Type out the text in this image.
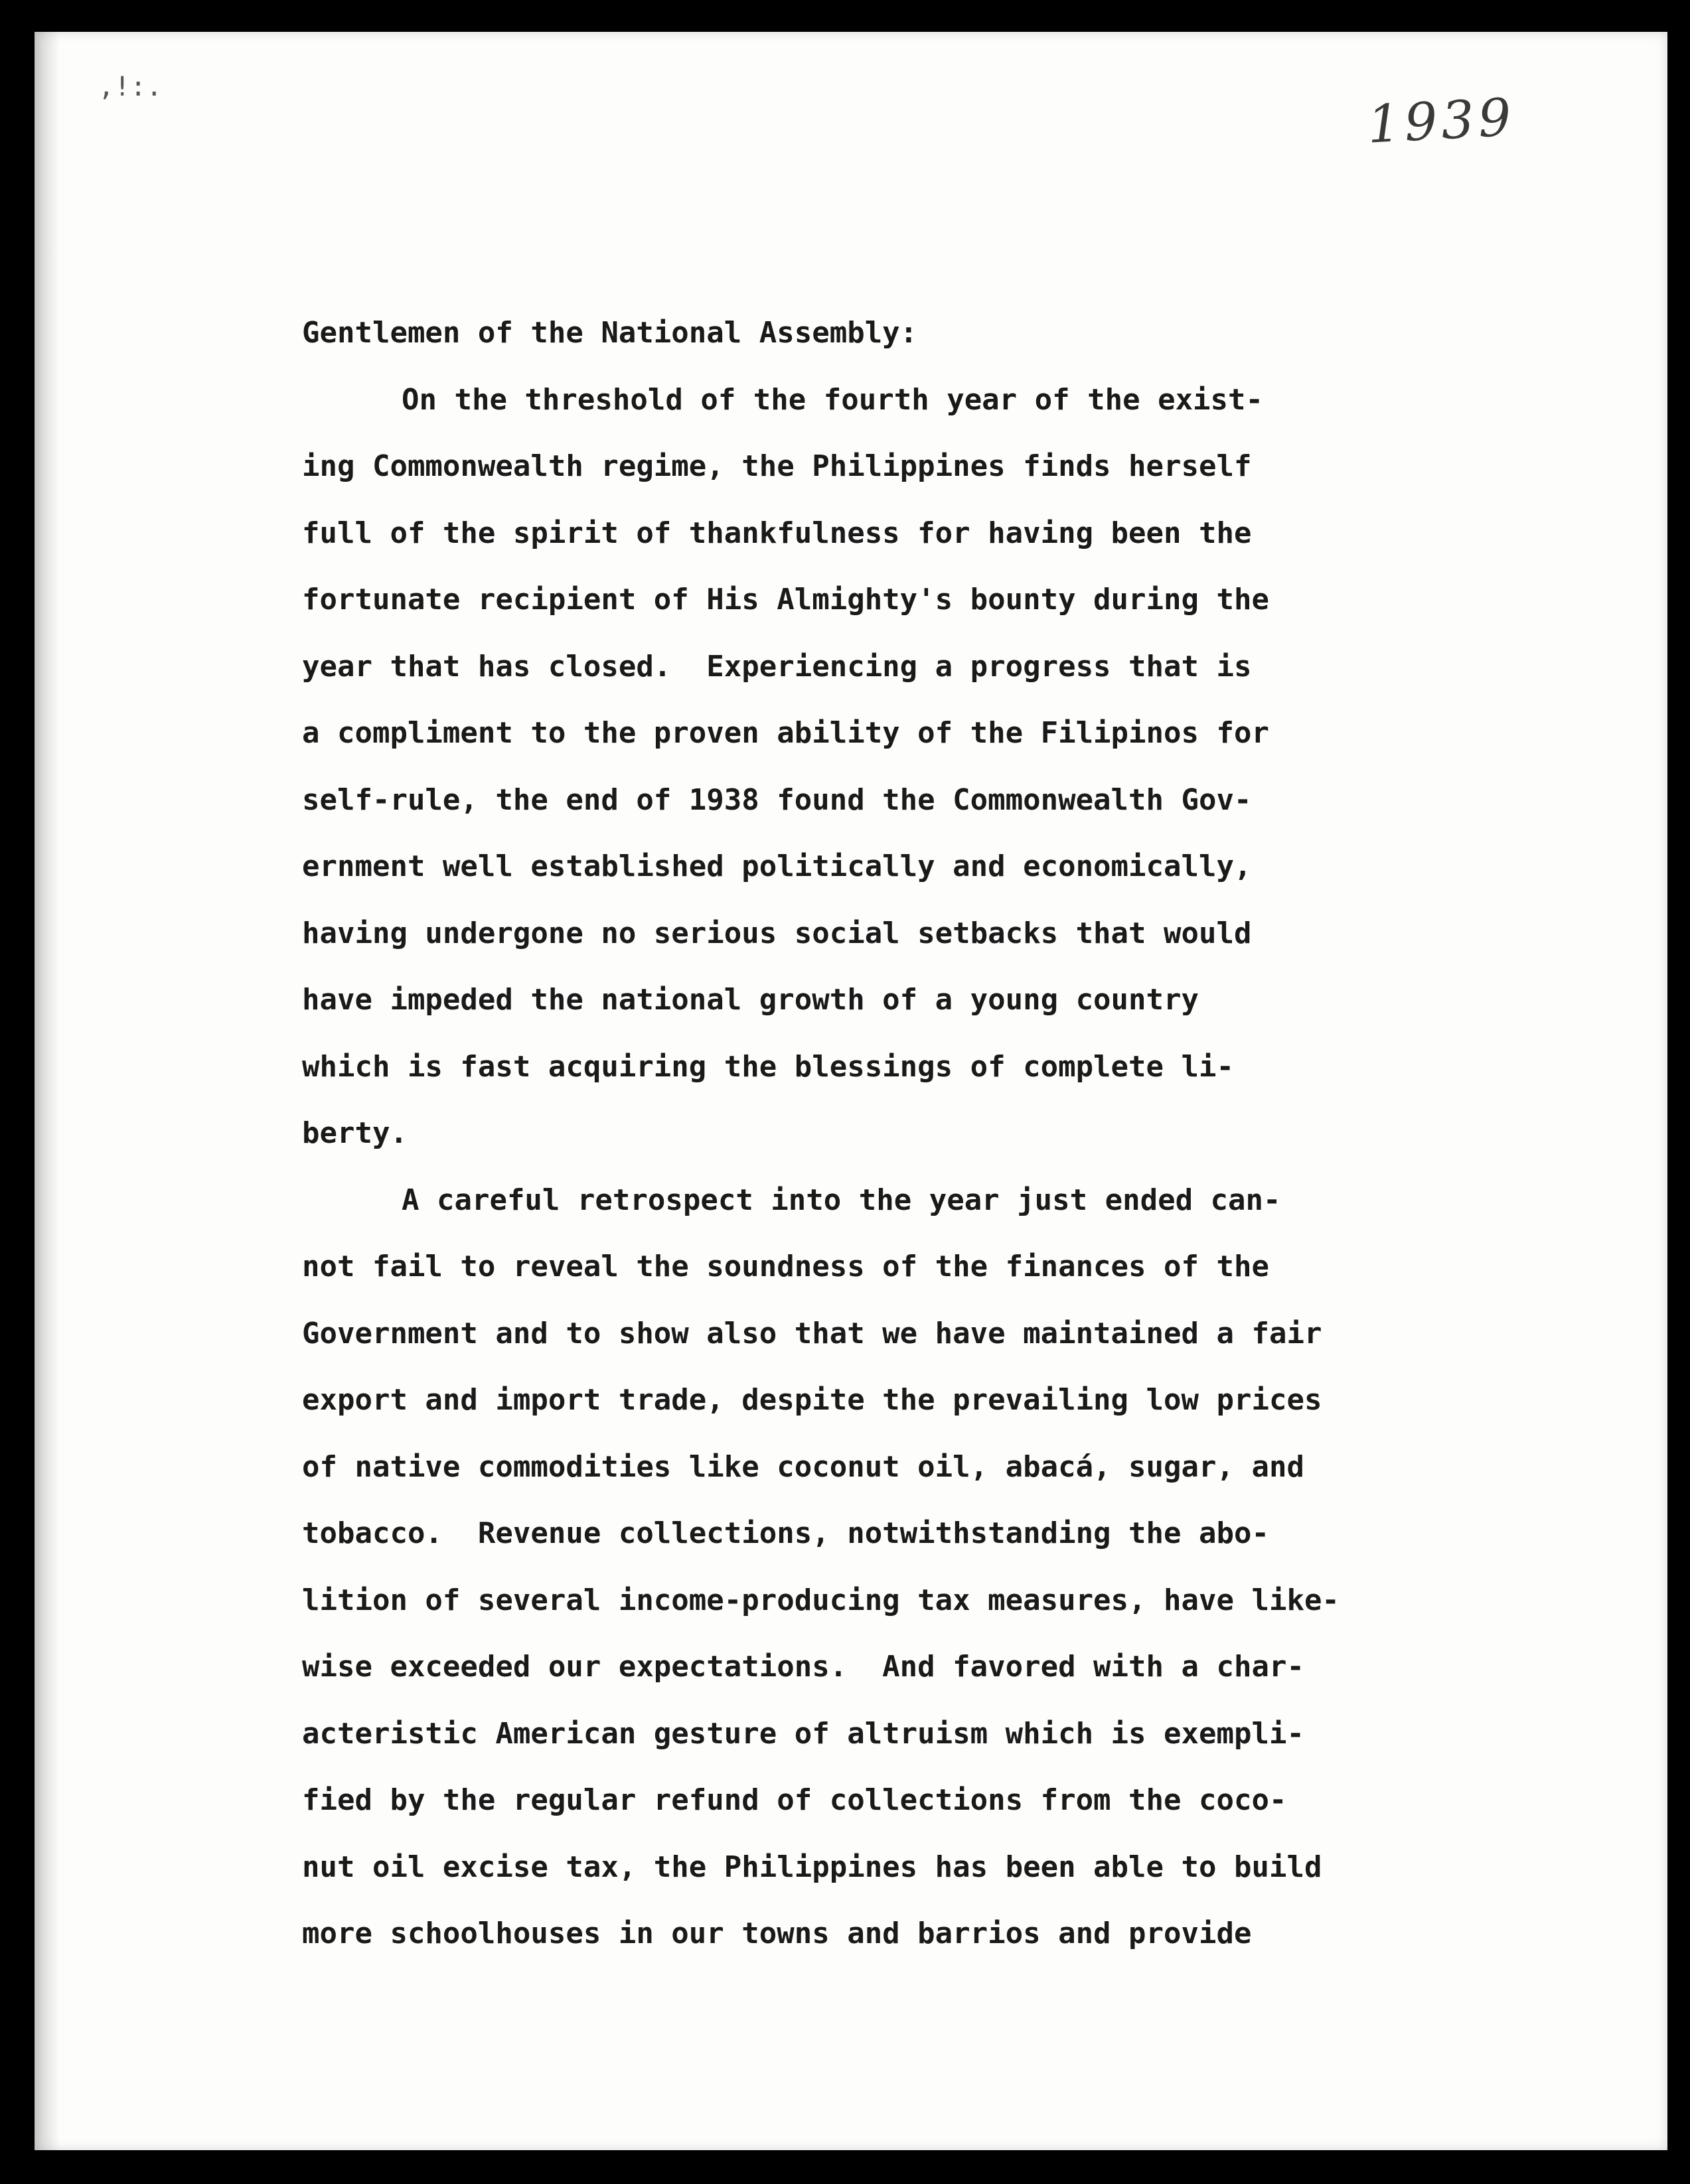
,!:.
1939
Gentlemen of the National Assembly:
On the threshold of the fourth year of the exist-
ing Commonwealth regime, the Philippines finds herself
full of the spirit of thankfulness for having been the
fortunate recipient of His Almighty's bounty during the
year that has closed.  Experiencing a progress that is
a compliment to the proven ability of the Filipinos for
self-rule, the end of 1938 found the Commonwealth Gov-
ernment well established politically and economically,
having undergone no serious social setbacks that would
have impeded the national growth of a young country
which is fast acquiring the blessings of complete li-
berty.
A careful retrospect into the year just ended can-
not fail to reveal the soundness of the finances of the
Government and to show also that we have maintained a fair
export and import trade, despite the prevailing low prices
of native commodities like coconut oil, abacá, sugar, and
tobacco.  Revenue collections, notwithstanding the abo-
lition of several income-producing tax measures, have like-
wise exceeded our expectations.  And favored with a char-
acteristic American gesture of altruism which is exempli-
fied by the regular refund of collections from the coco-
nut oil excise tax, the Philippines has been able to build
more schoolhouses in our towns and barrios and provide
